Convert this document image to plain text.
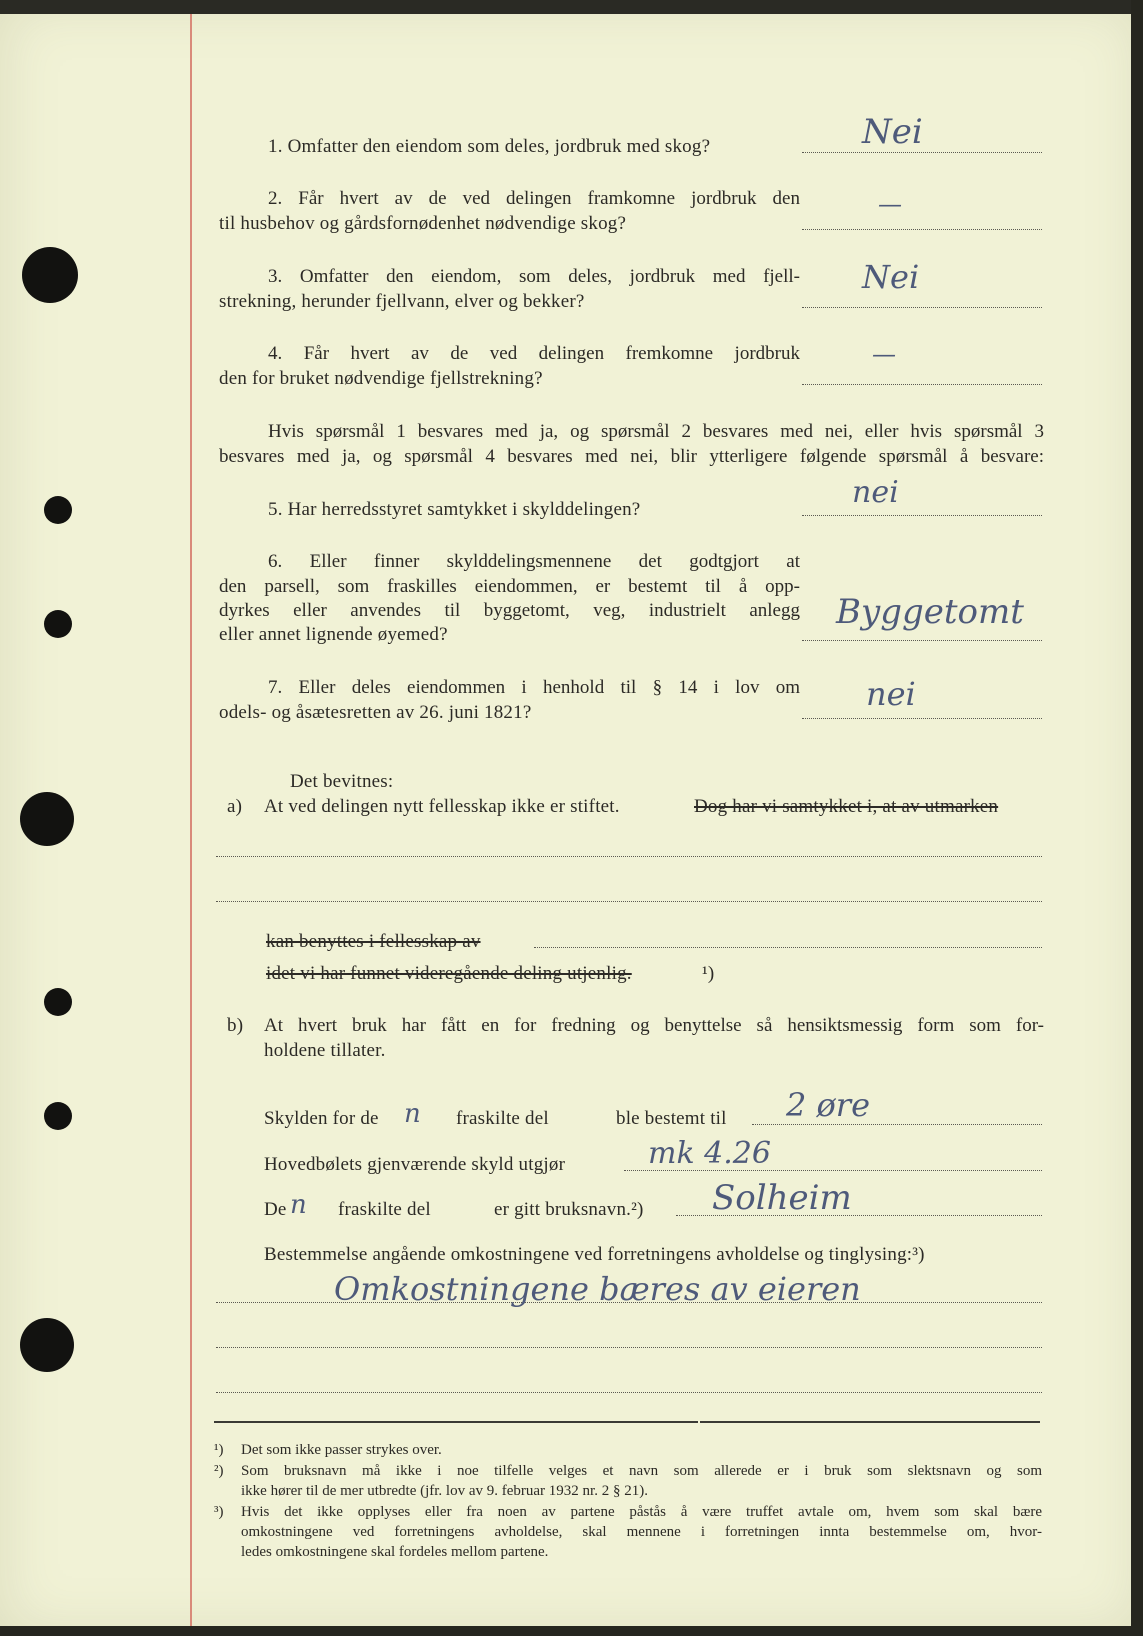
1. Omfatter den eiendom som deles, jordbruk med skog?	Nei
2. Får hvert av de ved delingen framkomne jordbruk den
til husbehov og gårdsfornødenhet nødvendige skog?
—
3. Omfatter den eiendom, som deles, jordbruk med fjell-
strekning, herunder fjellvann, elver og bekker?
Nei
4. Får hvert av de ved delingen fremkomne jordbruk
den for bruket nødvendige fjellstrekning?
—
Hvis spørsmål 1 besvares med ja, og spørsmål 2 besvares med nei, eller hvis spørsmål 3
besvares med ja, og spørsmål 4 besvares med nei, blir ytterligere følgende spørsmål å besvare:
5. Har herredsstyret samtykket i skylddelingen?	nei
6. Eller finner skylddelingsmennene det godtgjort at
den parsell, som fraskilles eiendommen, er bestemt til å opp-
dyrkes eller anvendes til byggetomt, veg, industrielt anlegg
eller annet lignende øyemed?
Byggetomt
7. Eller deles eiendommen i henhold til § 14 i lov om
odels- og åsætesretten av 26. juni 1821?	nei
Det bevitnes:
a) At ved delingen nytt fellesskap ikke er stiftet.	Dog har vi samtykket i, at av utmarken
kan benyttes i fellesskap av
idet vi har funnet videregående deling utjenlig.	¹)
b) At hvert bruk har fått en for fredning og benyttelse så hensiktsmessig form som for-
holdene tillater.
Skylden for de n fraskilte del	ble bestemt til 2 øre
Hovedbølets gjenværende skyld utgjør	mk 4.26
De n fraskilte del	er gitt bruksnavn.²) Solheim
Bestemmelse angående omkostningene ved forretningens avholdelse og tinglysing:³)
Omkostningene bæres av eieren
¹) Det som ikke passer strykes over.
²) Som bruksnavn må ikke i noe tilfelle velges et navn som allerede er i bruk som slektsnavn og som
ikke hører til de mer utbredte (jfr. lov av 9. februar 1932 nr. 2 § 21).
³) Hvis det ikke opplyses eller fra noen av partene påstås å være truffet avtale om, hvem som skal bære
omkostningene ved forretningens avholdelse, skal mennene i forretningen innta bestemmelse om, hvor-
ledes omkostningene skal fordeles mellom partene.
